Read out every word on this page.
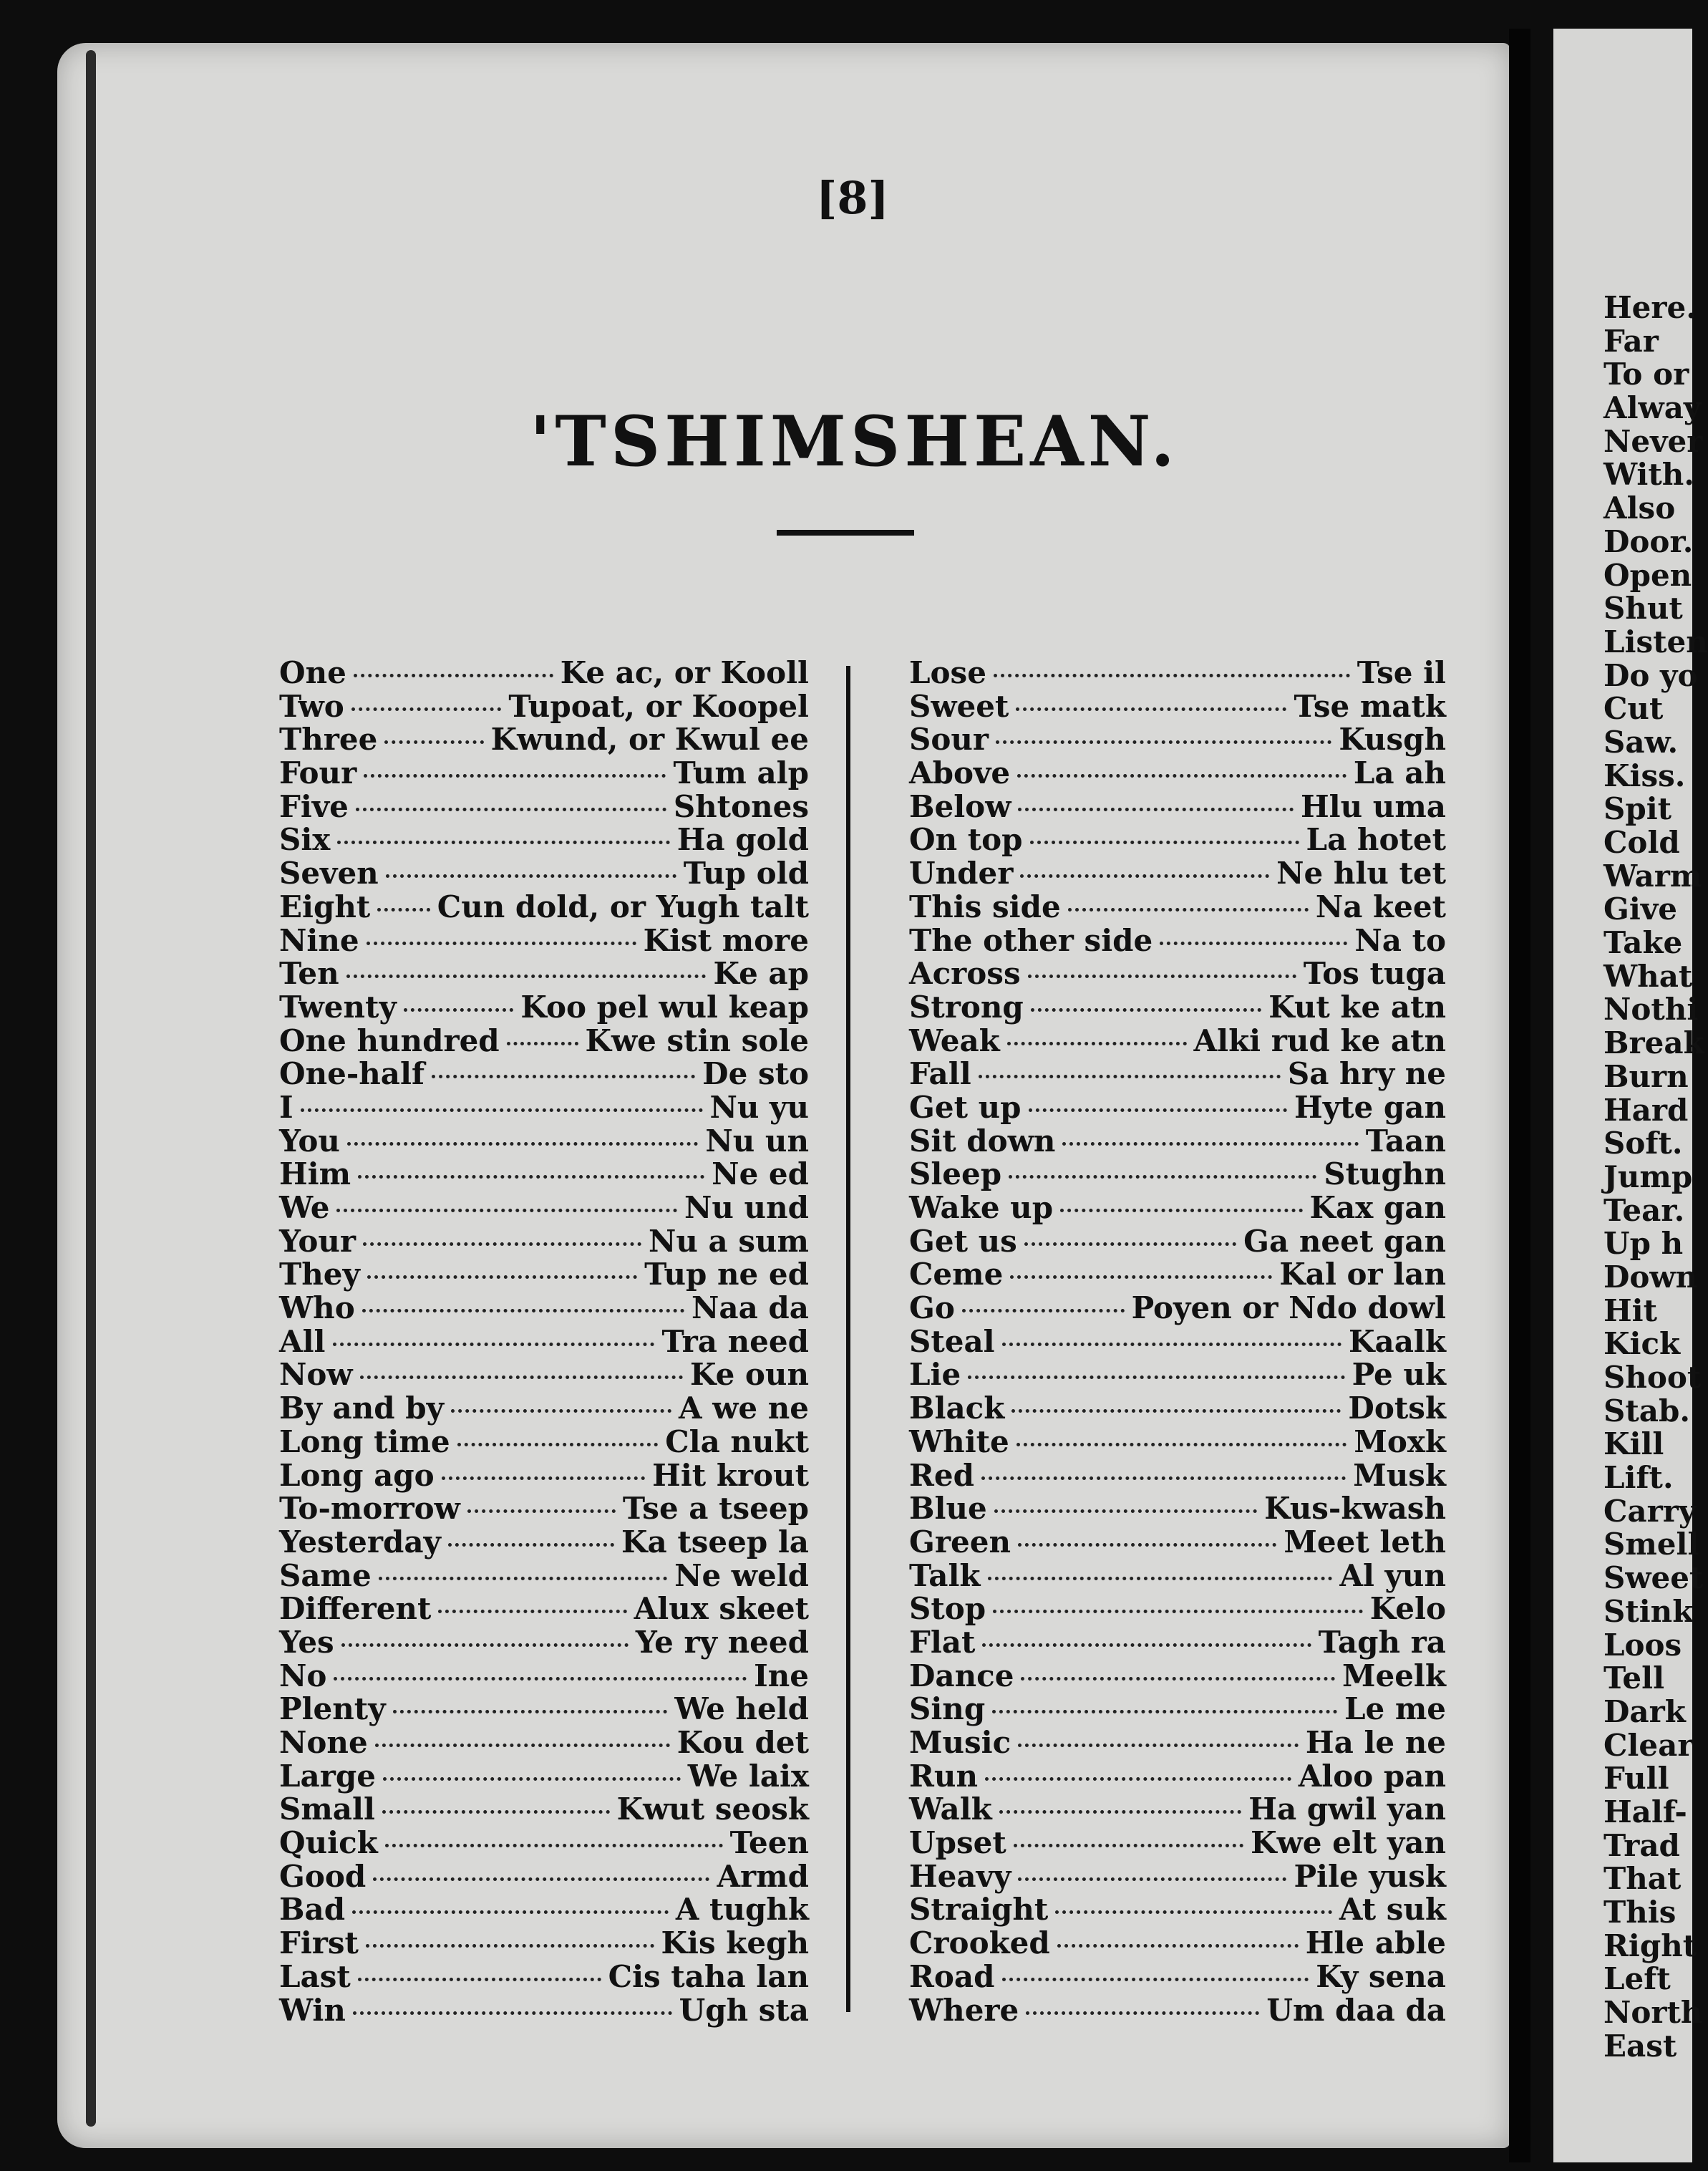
[8]
'TSHIMSHEAN.
One	Ke ac, or Kooll
Two	Tupoat, or Koopel
Three	Kwund, or Kwul ee
Four	Tum alp
Five	Shtones
Six	Ha gold
Seven	Tup old
Eight Cun dold, or Yugh talt
Nine	Kist more
Ten	Ke ap
Twenty	Koo pel wul keap
One hundred	Kwe stin sole
One-half	De sto
I	Nu yu
You	Nu un
Him	Ne ed
We	Nu und
Your	Nu a sum
They	Tup ne ed
Who	Naa da
All	Tra need
Now	Ke oun
By and by	A we ne
Long time	Cla nukt
Long ago	Hit krout
To-morrow	Tse a tseep
Yesterday	Ka tseep la
Same	Ne weld
Different	Alux skeet
Yes	Ye ry need
No	Ine
Plenty	We held
None	Kou det
Large	We laix
Small	Kwut seosk
Quick	Teen
Good	Armd
Bad	A tughk
First	Kis kegh
Last	Cis taha lan
Win	Ugh sta
Lose	Tse il
Sweet	Tse matk
Sour	Kusgh
Above	La ah
Below	Hlu uma
On top	La hotet
Under	Ne hlu tet
This side	Na keet
The other side	Na to
Across	Tos tuga
Strong	Kut ke atn
Weak	Alki rud ke atn
Fall	Sa hry ne
Get up	Hyte gan
Sit down	Taan
Sleep	Stughn
Wake up	Kax gan
Get us	Ga neet gan
Ceme	Kal or lan
Go	Poyen or Ndo dowl
Steal	Kaalk
Lie	Pe uk
Black	Dotsk
White	Moxk
Red	Musk
Blue	Kus-kwash
Green	Meet leth
Talk	Al yun
Stop	Kelo
Flat	Tagh ra
Dance	Meelk
Sing	Le me
Music	Ha le ne
Run	Aloo pan
Walk	Ha gwil yan
Upset	Kwe elt yan
Heavy	Pile yusk
Straight	At suk
Crooked	Hle able
Road	Ky sena
Where	Um daa da
Here.
Far
To or
Alway
Never
With.
Also
Door.
Open
Shut
Listen
Do yo
Cut
Saw.
Kiss.
Spit
Cold
Warm
Give
Take
What
Nothi
Break
Burn
Hard
Soft.
Jump
Tear.
Up h
Down
Hit
Kick
Shoot
Stab.
Kill
Lift.
Carry
Smell
Sweet
Stink
Loos
Tell
Dark
Clear
Full
Half-
Trad
That
This
Right
Left
North
East
